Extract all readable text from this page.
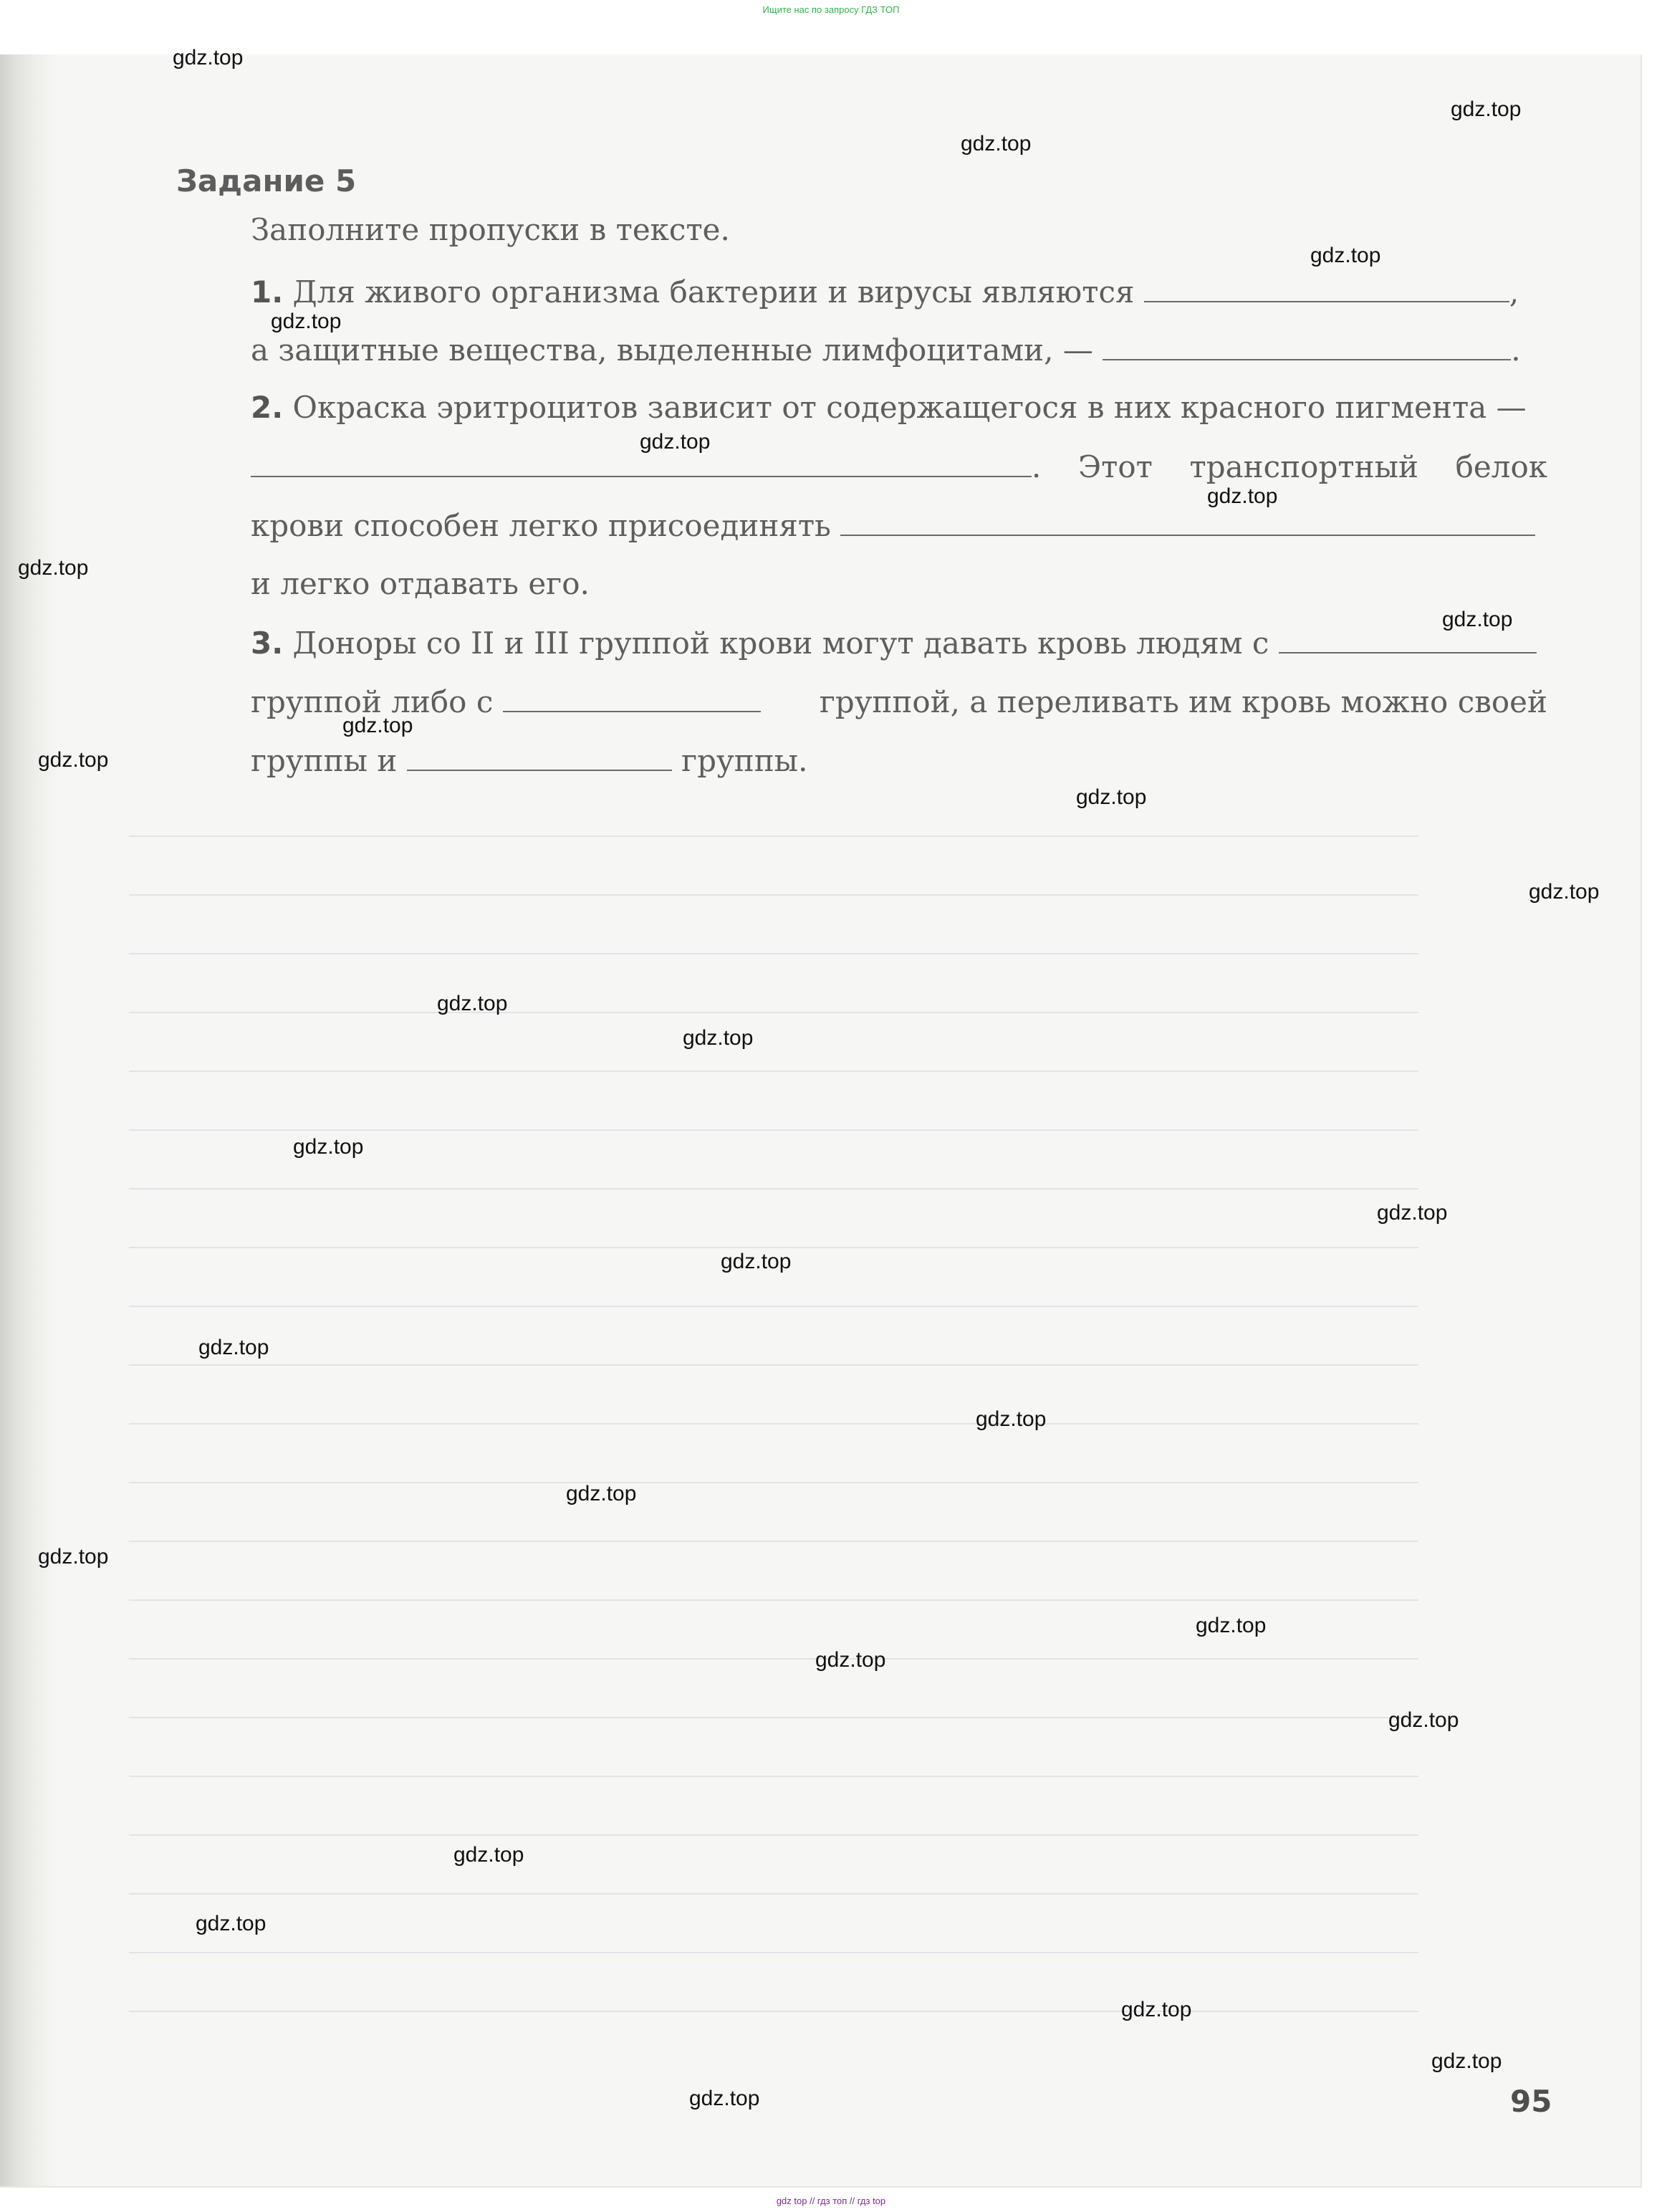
Ищите нас по запросу ГДЗ ТОП
Задание 5
Заполните пропуски в тексте.
1. Для живого организма бактерии и вирусы являются	,
а защитные вещества, выделенные лимфоцитами, —	.
2. Окраска эритроцитов зависит от содержащегося в них красного пигмента —
. Этот транспортный белок
крови способен легко присоединять
и легко отдавать его.
3. Доноры со II и III группой крови могут давать кровь людям с
группой либо с	группой, а переливать им кровь можно своей
группы и	группы.
95
gdz.top
gdz.top
gdz.top
gdz.top
gdz.top
gdz.top
gdz.top
gdz.top
gdz.top
gdz.top
gdz.top
gdz.top
gdz.top
gdz.top
gdz.top
gdz.top
gdz.top
gdz.top
gdz.top
gdz.top
gdz.top
gdz.top
gdz.top
gdz.top
gdz.top
gdz.top
gdz.top
gdz.top
gdz.top
gdz.top
gdz top // гдз топ // гдз top
